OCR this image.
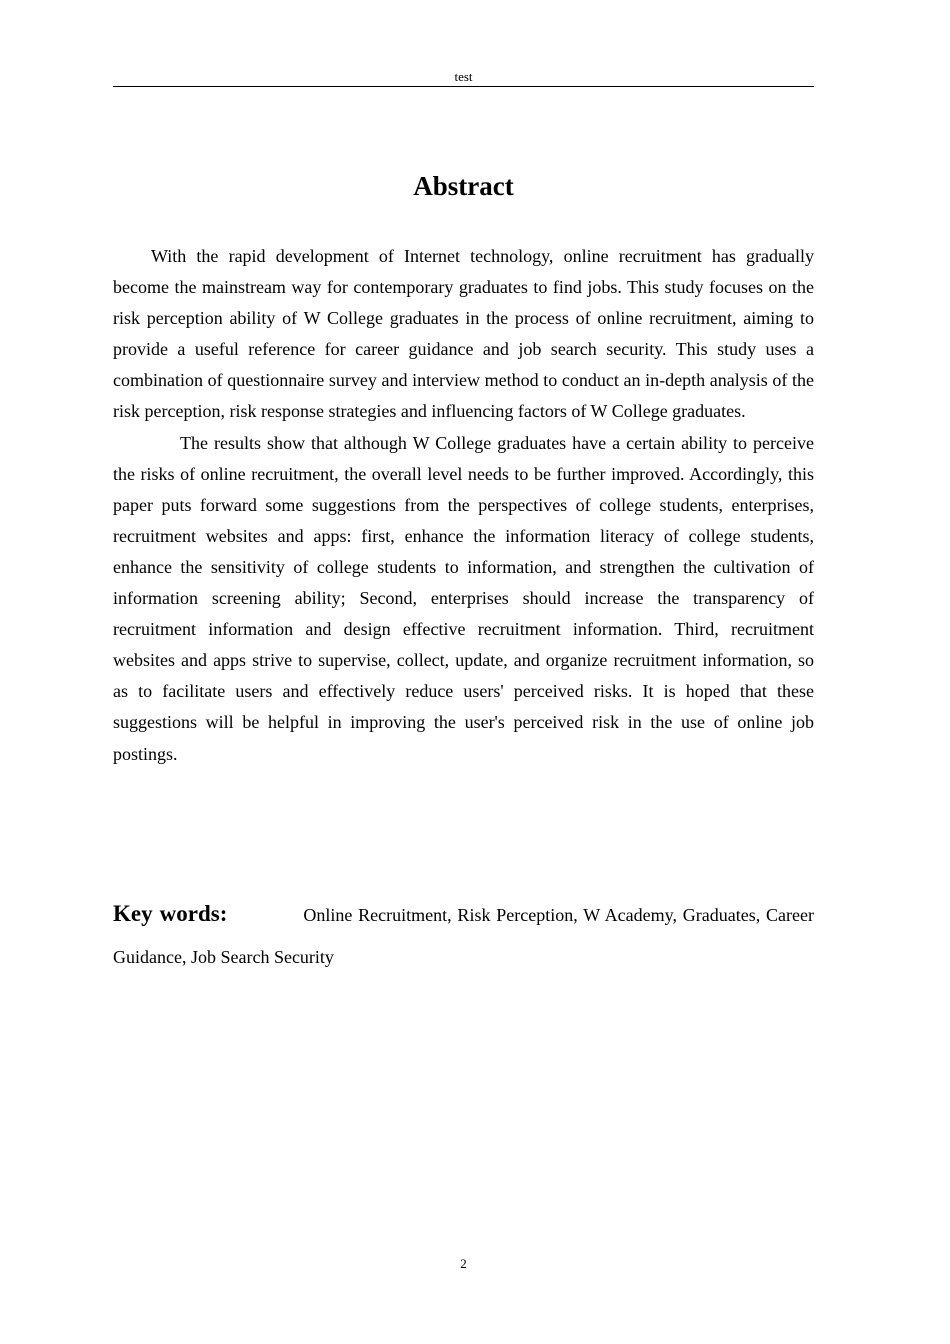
test
Abstract

With the rapid development of Internet technology, online recruitment has gradually become the mainstream way for contemporary graduates to find jobs. This study focuses on the risk perception ability of W College graduates in the process of online recruitment, aiming to provide a useful reference for career guidance and job search security. This study uses a combination of questionnaire survey and interview method to conduct an in-depth analysis of the risk perception, risk response strategies and influencing factors of W College graduates.

The results show that although W College graduates have a certain ability to perceive the risks of online recruitment, the overall level needs to be further improved. Accordingly, this paper puts forward some suggestions from the perspectives of college students, enterprises, recruitment websites and apps: first, enhance the information literacy of college students, enhance the sensitivity of college students to information, and strengthen the cultivation of information screening ability; Second, enterprises should increase the transparency of recruitment information and design effective recruitment information. Third, recruitment websites and apps strive to supervise, collect, update, and organize recruitment information, so as to facilitate users and effectively reduce users' perceived risks. It is hoped that these suggestions will be helpful in improving the user's perceived risk in the use of online job postings.

Key words:	Online Recruitment, Risk Perception, W Academy, Graduates, Career Guidance, Job Search Security

2
